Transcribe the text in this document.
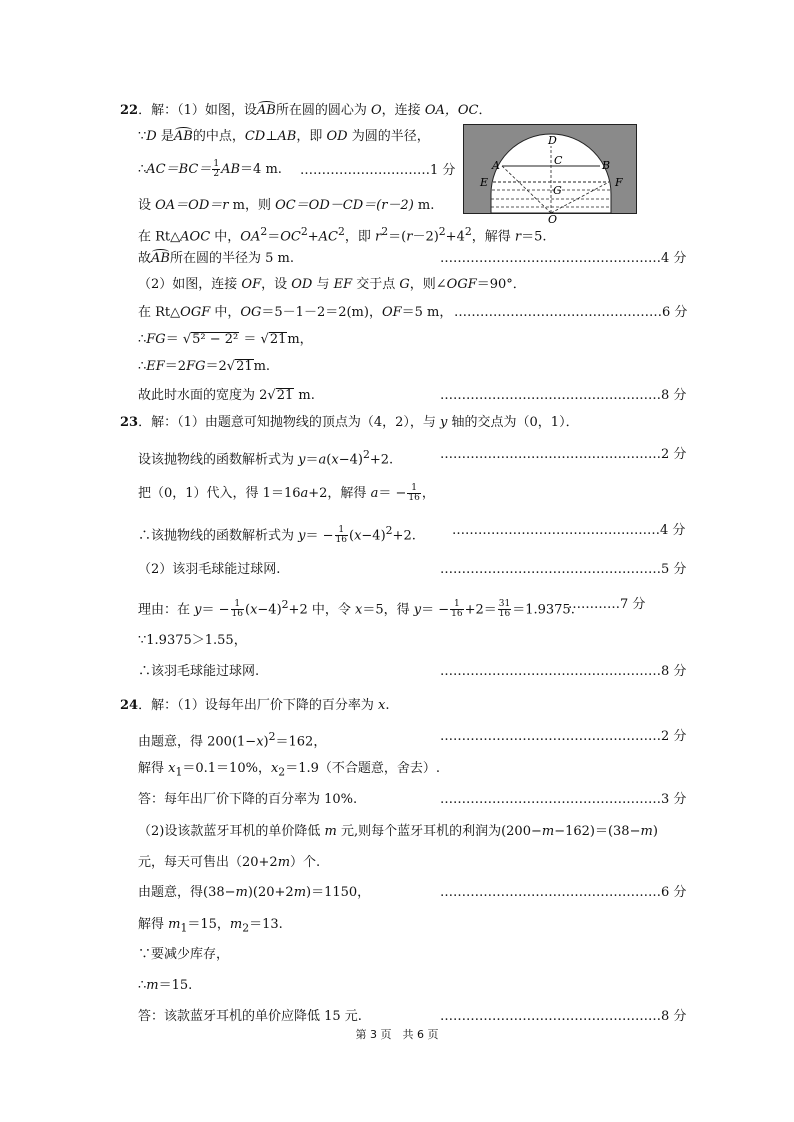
22．解：（1）如图，设AB所在圆的圆心为 O，连接 OA，OC．
∵D 是AB的中点，CD⊥AB，即 OD 为圆的半径，
∴AC＝BC＝ $\frac{1}{2} AB=4$ m. …………………………1 分
设 OA＝OD＝r m，则 OC＝OD－CD＝(r－2) m.
在 Rt△AOC 中，$OA^2=OC^2+AC^2$，即 $r^2=(r-2)^2+4^2$，解得 r＝5.
故AB所在圆的半径为 5 m.	……………………………………………4 分
（2）如图，连接 OF，设 OD 与 EF 交于点 G，则∠OGF＝90°．
在 Rt△OGF 中，OG＝5－1－2＝2(m)，OF＝5 m， …………………………………………6 分
∴FG＝ √5² − 2² ＝ √21m，
∴EF＝2FG＝2√21m.
故此时水面的宽度为 2√21 m.	……………………………………………8 分
D
C
A	B
E	F
G
O
23．解：（1）由题意可知抛物线的顶点为（4，2），与 y 轴的交点为（0，1）．
设该抛物线的函数解析式为 $y=a(x-4)^2+2$.	……………………………………………2 分
把（0，1）代入，得 1＝16a+2，解得 $a= - \frac{1}{16}$ ，
∴该抛物线的函数解析式为 $y= - \frac{1}{16} (x-4)^2+2$.	…………………………………………4 分
（2）该羽毛球能过球网.	……………………………………………5 分
理由：在 $y= - \frac{1}{16} (x-4)^2+2$ 中，令 x＝5，得 $y= - \frac{1}{16} +2= \frac{31}{16} =1.9375$.
…………7 分
∵1.9375＞1.55，
∴该羽毛球能过球网.	……………………………………………8 分
24．解：（1）设每年出厂价下降的百分率为 x.
由题意，得 $200(1-x)^2=162$，	……………………………………………2 分
解得 $x_1=0.1=10\%$，$x_2=1.9$（不合题意，舍去）.
答：每年出厂价下降的百分率为 10%.	……………………………………………3 分
（2)设该款蓝牙耳机的单价降低 m 元,则每个蓝牙耳机的利润为(200−m−162)＝(38−m)
元，每天可售出（20+2m）个.
由题意，得(38−m)(20+2m)＝1150，	……………………………………………6 分
解得 $m_1=15$，$m_2=13$.
∵要减少库存，
∴m＝15.
答：该款蓝牙耳机的单价应降低 15 元.	……………………………………………8 分
第 3 页　共 6 页
